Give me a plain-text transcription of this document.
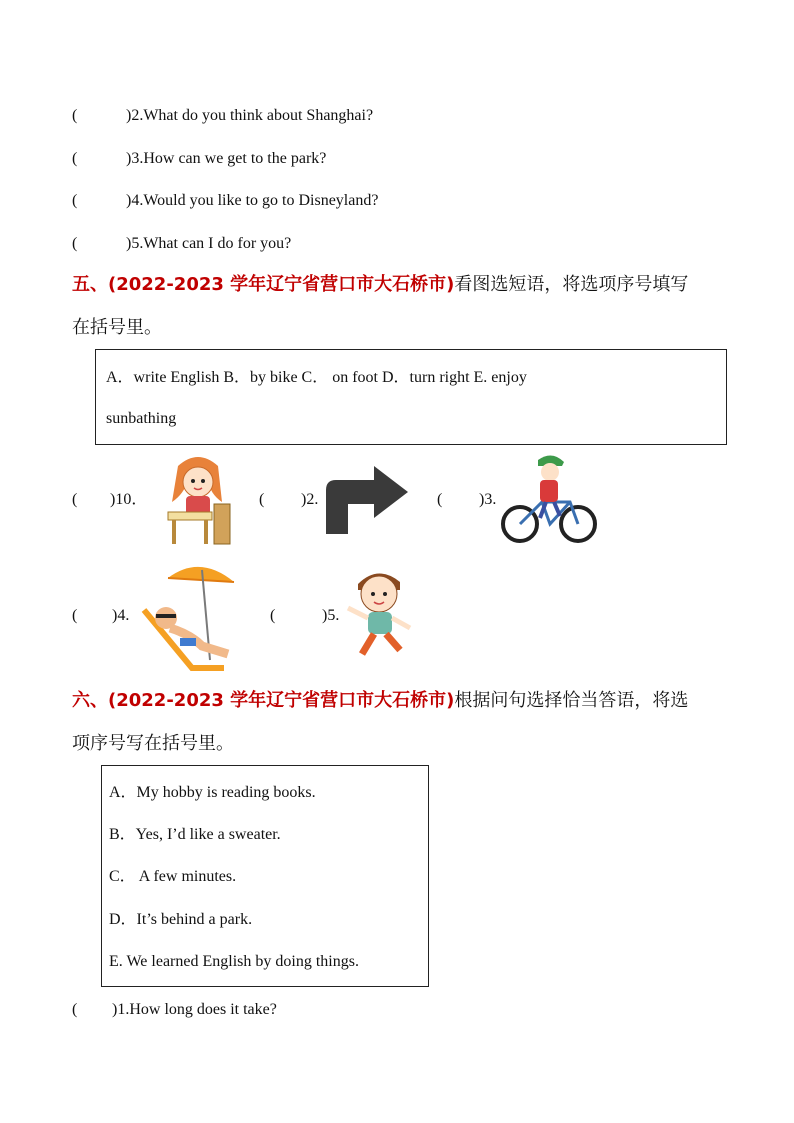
(	)2.What do you think about Shanghai?
(	)3.How can we get to the park?
(	)4.Would you like to go to Disneyland?
(	)5.What can I do for you?
五、(2022-2023 学年辽宁省营口市大石桥市)看图选短语，将选项序号填写
在括号里。
A．write English B．by bike C． on foot D．turn right E. enjoy
sunbathing
( )10．	( )2.	( )3.
( )4.	(	)5.
六、(2022-2023 学年辽宁省营口市大石桥市)根据问句选择恰当答语，将选
项序号写在括号里。
A．My hobby is reading books.
B．Yes, I’d like a sweater.
C． A few minutes.
D．It’s behind a park.
E. We learned English by doing things.
( )1.How long does it take?
